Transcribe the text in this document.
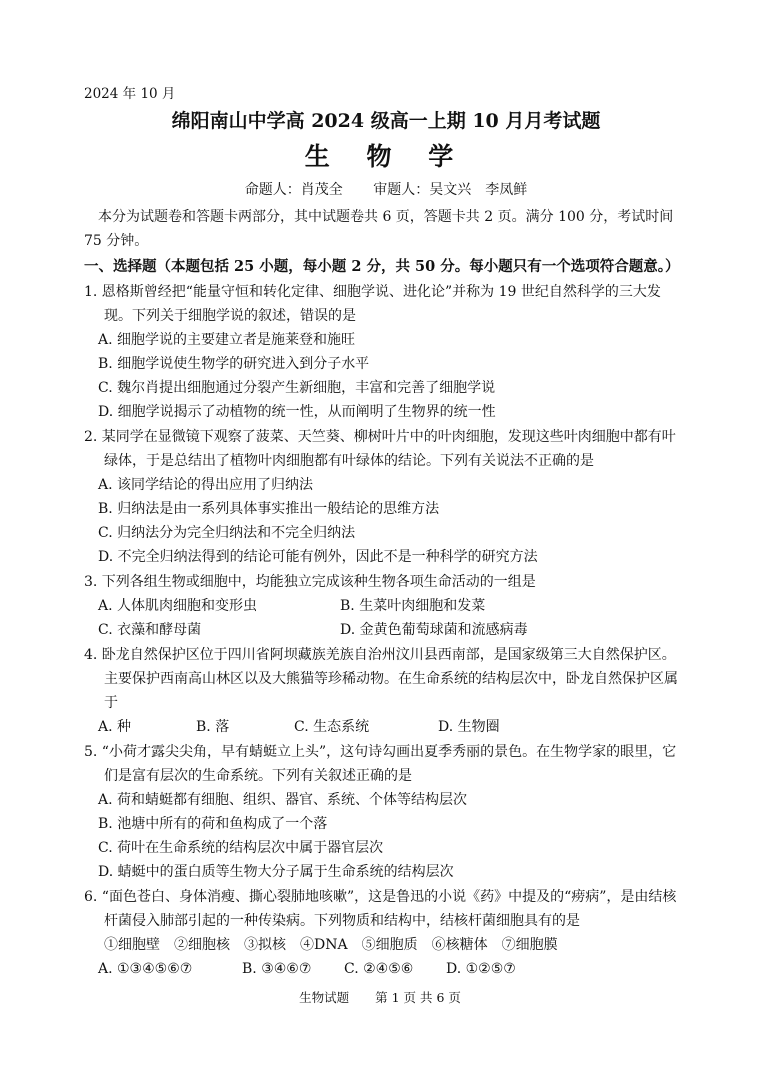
2024 年 10 月
绵阳南山中学高 2024 级高一上期 10 月月考试题
生 物 学
命题人：肖茂全 审题人：吴文兴　李凤鲜
本分为试题卷和答题卡两部分，其中试题卷共 6 页，答题卡共 2 页。满分 100 分，考试时间 75 分钟。
一、选择题（本题包括 25 小题，每小题 2 分，共 50 分。每小题只有一个选项符合题意。）
1. 恩格斯曾经把“能量守恒和转化定律、细胞学说、进化论”并称为 19 世纪自然科学的三大发现。下列关于细胞学说的叙述，错误的是
A. 细胞学说的主要建立者是施莱登和施旺
B. 细胞学说使生物学的研究进入到分子水平
C. 魏尔肖提出细胞通过分裂产生新细胞，丰富和完善了细胞学说
D. 细胞学说揭示了动植物的统一性，从而阐明了生物界的统一性
2. 某同学在显微镜下观察了菠菜、天竺葵、柳树叶片中的叶肉细胞，发现这些叶肉细胞中都有叶绿体，于是总结出了植物叶肉细胞都有叶绿体的结论。下列有关说法不正确的是
A. 该同学结论的得出应用了归纳法
B. 归纳法是由一系列具体事实推出一般结论的思维方法
C. 归纳法分为完全归纳法和不完全归纳法
D. 不完全归纳法得到的结论可能有例外，因此不是一种科学的研究方法
3. 下列各组生物或细胞中，均能独立完成该种生物各项生命活动的一组是
A. 人体肌肉细胞和变形虫	B. 生菜叶肉细胞和发菜
C. 衣藻和酵母菌	D. 金黄色葡萄球菌和流感病毒
4. 卧龙自然保护区位于四川省阿坝藏族羌族自治州汶川县西南部，是国家级第三大自然保护区。主要保护西南高山林区以及大熊猫等珍稀动物。在生命系统的结构层次中，卧龙自然保护区属于
A. 种	B. 落	C. 生态系统	D. 生物圈
5. “小荷才露尖尖角，早有蜻蜓立上头”，这句诗勾画出夏季秀丽的景色。在生物学家的眼里，它们是富有层次的生命系统。下列有关叙述正确的是
A. 荷和蜻蜓都有细胞、组织、器官、系统、个体等结构层次
B. 池塘中所有的荷和鱼构成了一个落
C. 荷叶在生命系统的结构层次中属于器官层次
D. 蜻蜓中的蛋白质等生物大分子属于生命系统的结构层次
6. “面色苍白、身体消瘦、撕心裂肺地咳嗽”，这是鲁迅的小说《药》中提及的“痨病”，是由结核杆菌侵入肺部引起的一种传染病。下列物质和结构中，结核杆菌细胞具有的是
①细胞壁　②细胞核　③拟核　④DNA　⑤细胞质　⑥核糖体　⑦细胞膜
A. ①③④⑤⑥⑦	B. ③④⑥⑦	C. ②④⑤⑥	D. ①②⑤⑦
生物试题 第 1 页 共 6 页
